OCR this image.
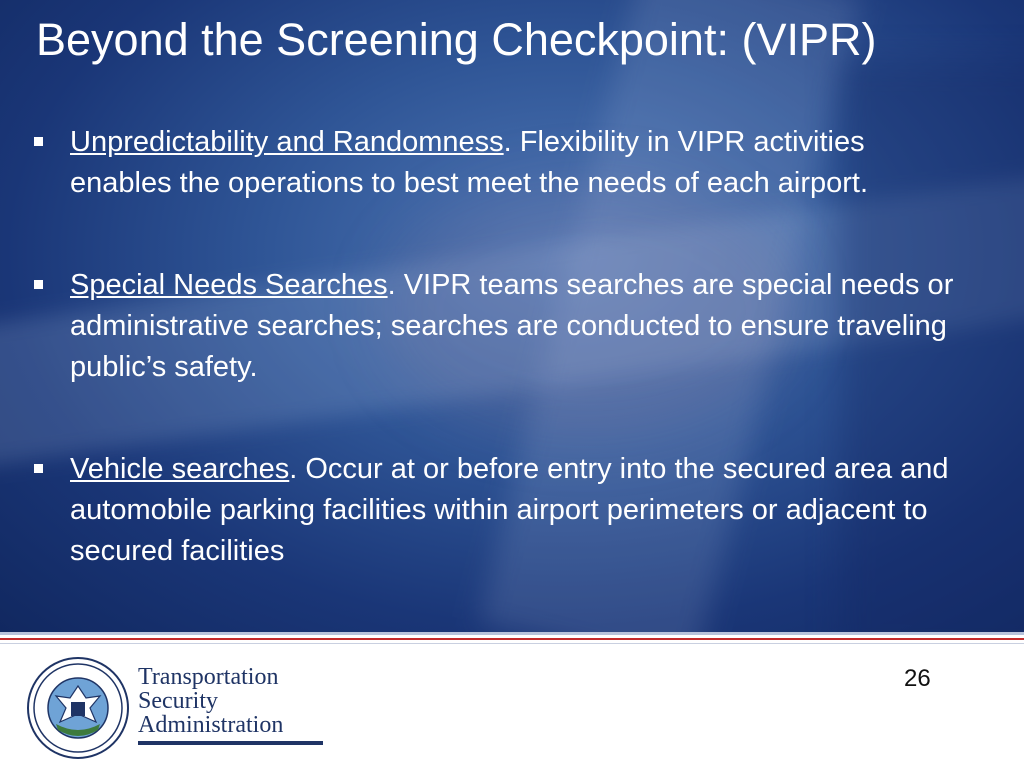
Beyond the Screening Checkpoint: (VIPR)
Unpredictability and Randomness. Flexibility in VIPR activities enables the operations to best meet the needs of each airport.
Special Needs Searches. VIPR teams searches are special needs or administrative searches; searches are conducted to ensure traveling public’s safety.
Vehicle searches. Occur at or before entry into the secured area and automobile parking facilities within airport perimeters or adjacent to secured facilities
Transportation
Security
Administration
26
